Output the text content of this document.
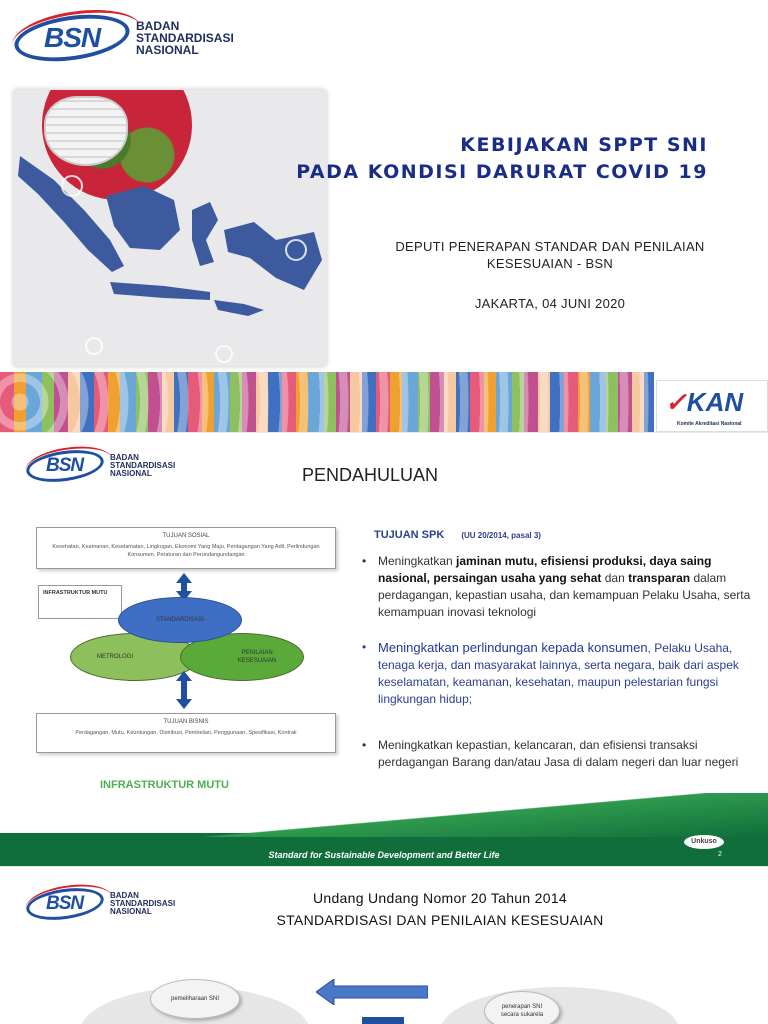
BSN	BADAN
STANDARDISASI
NASIONAL
KEBIJAKAN SPPT SNI
PADA KONDISI DARURAT COVID 19
DEPUTI PENERAPAN STANDAR DAN PENILAIAN
KESESUAIAN - BSN
JAKARTA, 04 JUNI 2020
✓KAN
Komite Akreditasi Nasional
BSN	BADAN
STANDARDISASI
NASIONAL	PENDAHULUAN
TUJUAN SOSIAL
Kesehatan, Keamanan, Keselamatan, Lingkugan, Ekonomi Yang Maju, Perdagangan Yang Adil, Perlindungan Konsumen, Peraturan dan Perundangundangan
INFRASTRUKTUR MUTU
METROLOGI
PENILAIAN KESESUAIAN
STANDARDISASI
TUJUAN BISNIS
Perdagangan, Mutu, Keuntungan, Distribusi, Pembelian, Penggunaan, Spesifikasi, Kontrak
INFRASTRUKTUR MUTU
TUJUAN SPK (UU 20/2014, pasal 3)
• Meningkatkan jaminan mutu, efisiensi produksi, daya saing nasional, persaingan usaha yang sehat dan transparan dalam perdagangan, kepastian usaha, dan kemampuan Pelaku Usaha, serta kemampuan inovasi teknologi
• Meningkatkan perlindungan kepada konsumen, Pelaku Usaha, tenaga kerja, dan masyarakat lainnya, serta negara, baik dari aspek keselamatan, keamanan, kesehatan, maupun pelestarian fungsi lingkungan hidup;
• Meningkatkan kepastian, kelancaran, dan efisiensi transaksi perdagangan Barang dan/atau Jasa di dalam negeri dan luar negeri
Standard for Sustainable Development and Better Life
Unkuso
2
BSN	BADAN
STANDARDISASI
NASIONAL
Undang Undang Nomor 20 Tahun 2014
STANDARDISASI DAN PENILAIAN KESESUAIAN
pemeliharaan SNI
penerapan SNI secara sukarela
